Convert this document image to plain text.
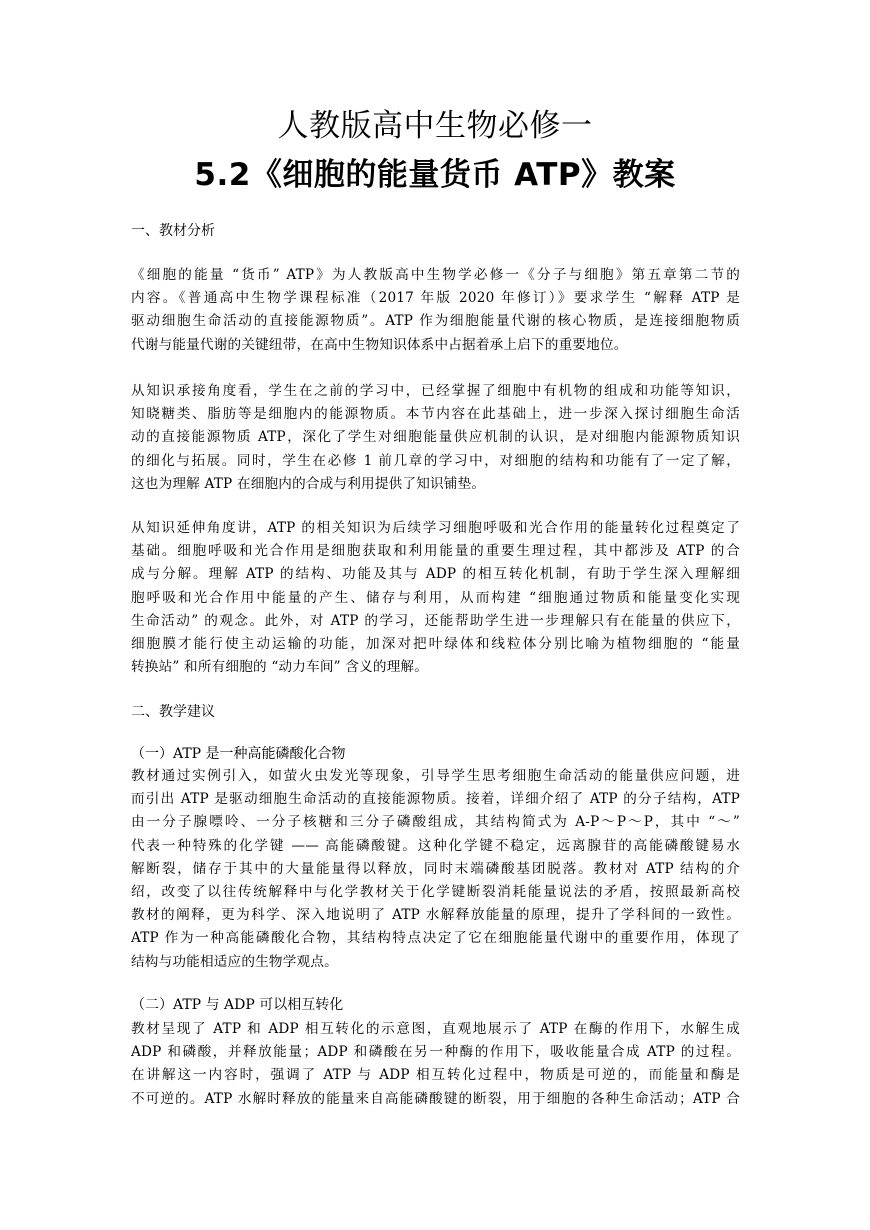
人教版高中生物必修一
5.2《细胞的能量货币 ATP》教案
一、教材分析
《细胞的能量 “货币” ATP》为人教版高中生物学必修一《分子与细胞》第五章第二节的
内容。《普通高中生物学课程标准（2017 年版 2020 年修订）》要求学生 “解释 ATP 是
驱动细胞生命活动的直接能源物质”。ATP 作为细胞能量代谢的核心物质，是连接细胞物质
代谢与能量代谢的关键纽带，在高中生物知识体系中占据着承上启下的重要地位。
从知识承接角度看，学生在之前的学习中，已经掌握了细胞中有机物的组成和功能等知识，
知晓糖类、脂肪等是细胞内的能源物质。本节内容在此基础上，进一步深入探讨细胞生命活
动的直接能源物质 ATP，深化了学生对细胞能量供应机制的认识，是对细胞内能源物质知识
的细化与拓展。同时，学生在必修 1 前几章的学习中，对细胞的结构和功能有了一定了解，
这也为理解 ATP 在细胞内的合成与利用提供了知识铺垫。
从知识延伸角度讲，ATP 的相关知识为后续学习细胞呼吸和光合作用的能量转化过程奠定了
基础。细胞呼吸和光合作用是细胞获取和利用能量的重要生理过程，其中都涉及 ATP 的合
成与分解。理解 ATP 的结构、功能及其与 ADP 的相互转化机制，有助于学生深入理解细
胞呼吸和光合作用中能量的产生、储存与利用，从而构建 “细胞通过物质和能量变化实现
生命活动” 的观念。此外，对 ATP 的学习，还能帮助学生进一步理解只有在能量的供应下，
细胞膜才能行使主动运输的功能，加深对把叶绿体和线粒体分别比喻为植物细胞的 “能量
转换站” 和所有细胞的 “动力车间” 含义的理解。
二、教学建议
（一）ATP 是一种高能磷酸化合物
教材通过实例引入，如萤火虫发光等现象，引导学生思考细胞生命活动的能量供应问题，进
而引出 ATP 是驱动细胞生命活动的直接能源物质。接着，详细介绍了 ATP 的分子结构，ATP
由一分子腺嘌呤、一分子核糖和三分子磷酸组成，其结构简式为 A-P～P～P，其中 “～”
代表一种特殊的化学键 —— 高能磷酸键。这种化学键不稳定，远离腺苷的高能磷酸键易水
解断裂，储存于其中的大量能量得以释放，同时末端磷酸基团脱落。教材对 ATP 结构的介
绍，改变了以往传统解释中与化学教材关于化学键断裂消耗能量说法的矛盾，按照最新高校
教材的阐释，更为科学、深入地说明了 ATP 水解释放能量的原理，提升了学科间的一致性。
ATP 作为一种高能磷酸化合物，其结构特点决定了它在细胞能量代谢中的重要作用，体现了
结构与功能相适应的生物学观点。
（二）ATP 与 ADP 可以相互转化
教材呈现了 ATP 和 ADP 相互转化的示意图，直观地展示了 ATP 在酶的作用下，水解生成
ADP 和磷酸，并释放能量；ADP 和磷酸在另一种酶的作用下，吸收能量合成 ATP 的过程。
在讲解这一内容时，强调了 ATP 与 ADP 相互转化过程中，物质是可逆的，而能量和酶是
不可逆的。ATP 水解时释放的能量来自高能磷酸键的断裂，用于细胞的各种生命活动；ATP 合
